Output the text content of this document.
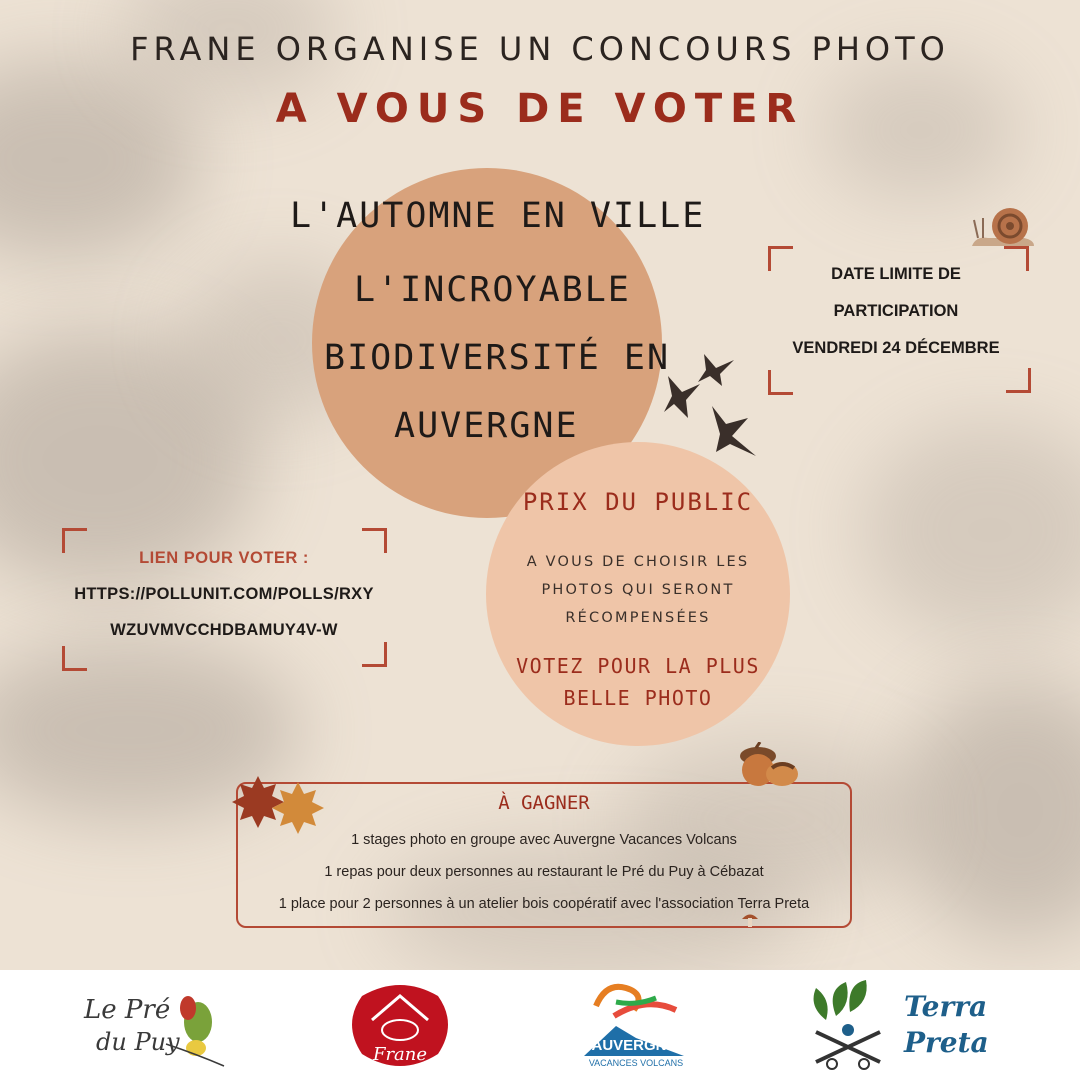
FRANE ORGANISE UN CONCOURS PHOTO
A VOUS DE VOTER
L'AUTOMNE EN VILLE
L'INCROYABLE
BIODIVERSITÉ EN
AUVERGNE
PRIX DU PUBLIC
A VOUS DE CHOISIR LES
PHOTOS QUI SERONT
RÉCOMPENSÉES
VOTEZ POUR LA PLUS
BELLE PHOTO
DATE LIMITE DE
PARTICIPATION
VENDREDI 24 DÉCEMBRE
LIEN POUR VOTER :
HTTPS://POLLUNIT.COM/POLLS/RXY
WZUVMVCCHDBAMUY4V-W
À GAGNER
1 stages photo en groupe avec Auvergne Vacances Volcans
1 repas pour deux personnes au restaurant le Pré du Puy à Cébazat
1 place pour 2 personnes à un atelier bois coopératif avec l'association Terra Preta
Le Pré
du Puy	Frane	AUVERGNE
VACANCES VOLCANS
Terra
Preta
